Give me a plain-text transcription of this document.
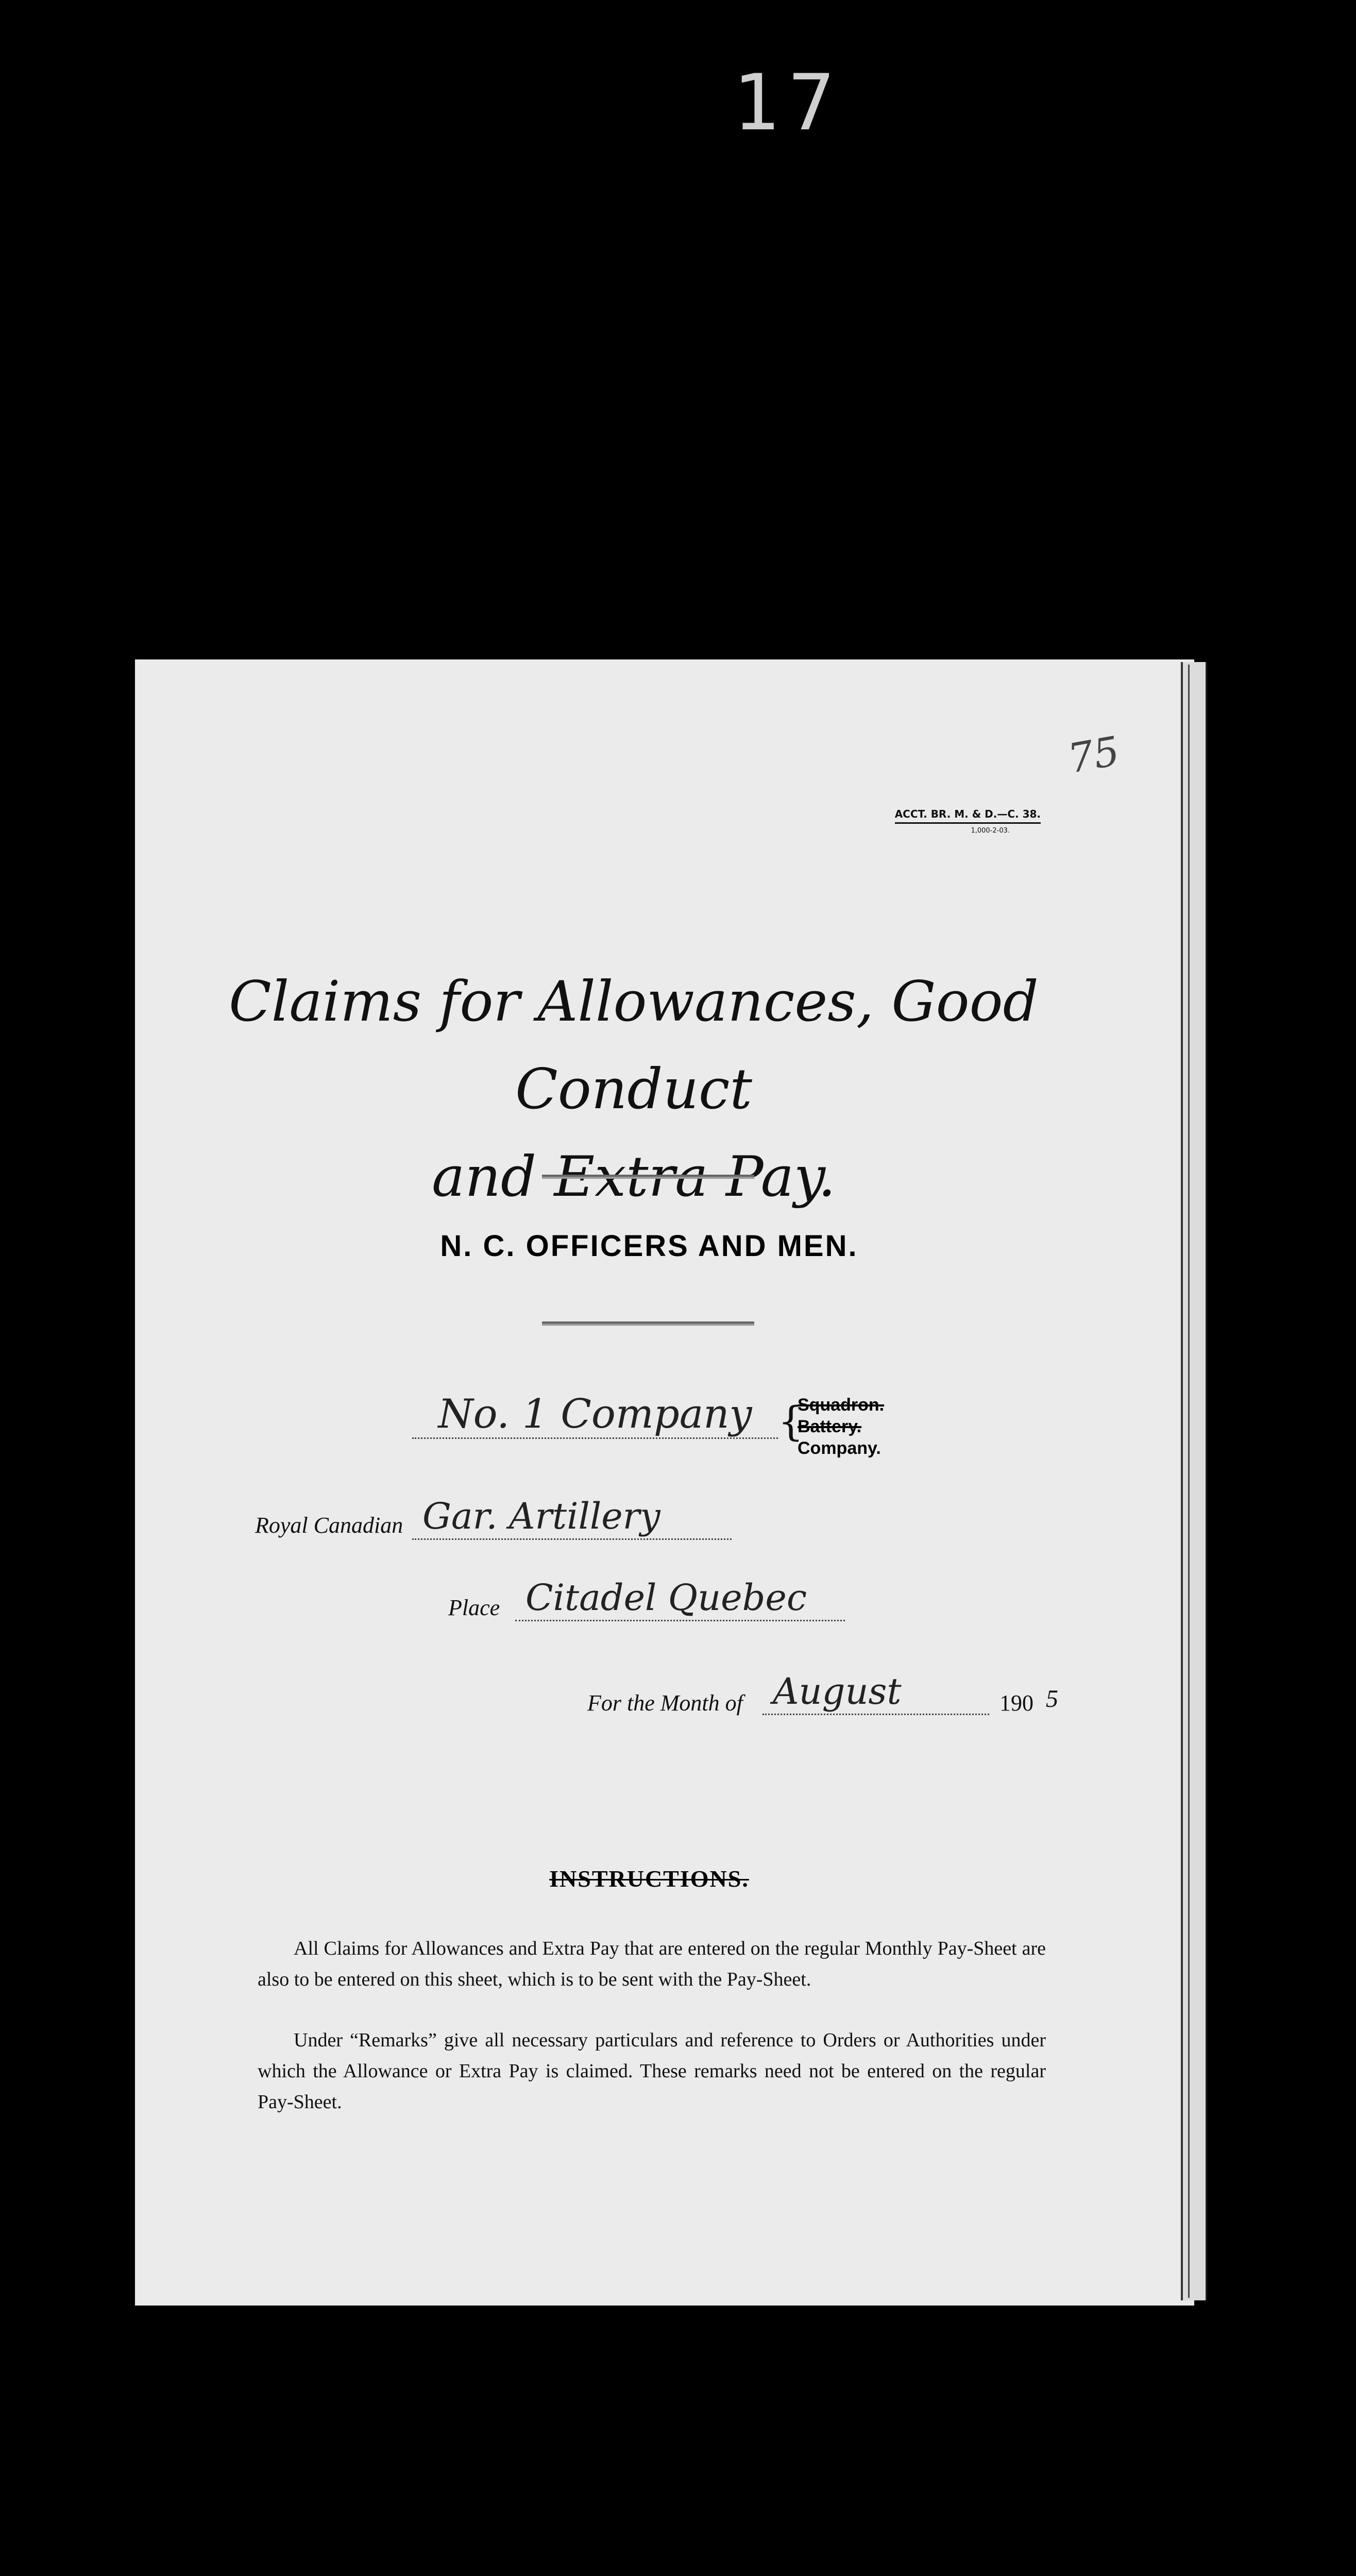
17
75
ACCT. BR. M. & D.—C. 38.
1,000-2-03.
Claims for Allowances, Good Conduct
and Extra Pay.
N. C. OFFICERS AND MEN.
No. 1 Company {
Squadron.
Battery.
Company.
Royal Canadian Gar. Artillery
Place Citadel Quebec
For the Month of August	190 5
INSTRUCTIONS.
All Claims for Allowances and Extra Pay that are entered on the regular Monthly Pay-Sheet are also to be entered on this sheet, which is to be sent with the Pay-Sheet.
Under “Remarks” give all necessary particulars and reference to Orders or Authorities under which the Allowance or Extra Pay is claimed. These remarks need not be entered on the regular Pay-Sheet.
